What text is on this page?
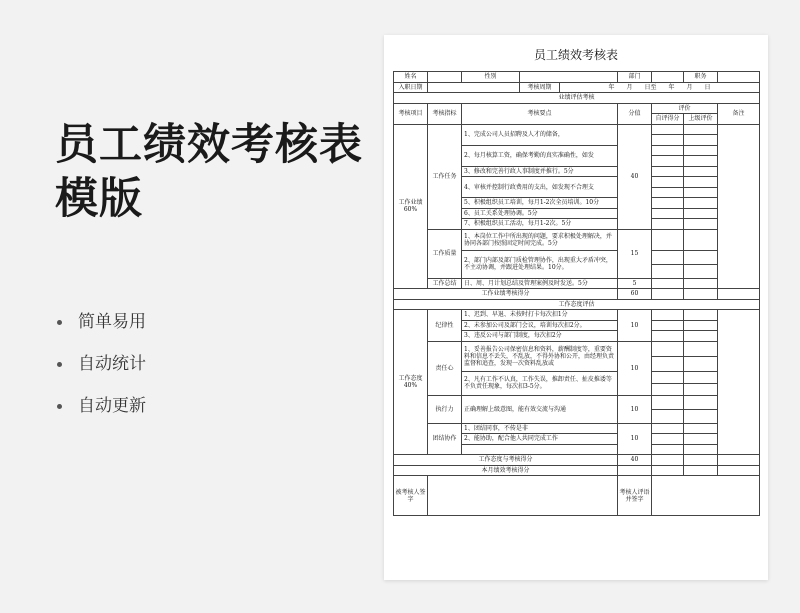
员工绩效考核表模版
简单易用
自动统计
自动更新
员工绩效考核表
姓名		性别			部门		职务	
入职日期			考核周期	年　　月　　日至　　年　　月　　日				
业绩评估考核								
考核项目	考核指标	考核要点			分值	评价		备注
						自评得分	上级评价	
工作业绩
60%	工作任务	1、完成公司人员招聘及人才的储备，			40			

		2、每月核算工资，确保考勤的真实准确性，如发						

		3、修改和完善行政人事制度并推行。5分						
		4、审核并控制行政费用的支出，如发现不合理支						

		5、积极组织员工培训，每月1-2次全员培训。10分						
		6、员工关系处理协调。5分						
		7、积极组织员工活动，每月1-2次。5分						
	工作质量	1、本岗位工作中所出现的问题，要求积极处理解决，并协同各部门按照固定时间完成。5分			15			
		2、部门内部及部门质检管理协作，出现重大矛盾冲突，不主动协调，并跟进处理结果。10分。						

	工作总结	日、周、月计划总结及管理案例及时发送。5分			5			
工作业绩考核得分					60			
工作态度评估								
工作态度
40%	纪律性	1、迟到、早退、未按时打卡每次扣1分			10			
		2、未参加公司及部门会议，培训每次扣2分。						
		3、违反公司与部门制度，每次扣2分						
	责任心	1、妥善报告公司保密信息和资料，薪酬制度等，重要资料和信息不丢失，不乱放，不得外协和公开，由经理负责监督和追查，发现一次资料乱放或			10			

		2、凡有工作不认真，工作失误，推卸责任、扯皮推诿等不负责任现象，每次扣3-5分。						

	执行力	正确理解上级意图，能有效交流与沟通			10			

	团结协作	1、团结同事，不传是非			10			
		2、能协助，配合他人共同完成工作						

工作态度与考核得分					40			
本月绩效考核得分								
被考核人签字					考核人评语并签字			
